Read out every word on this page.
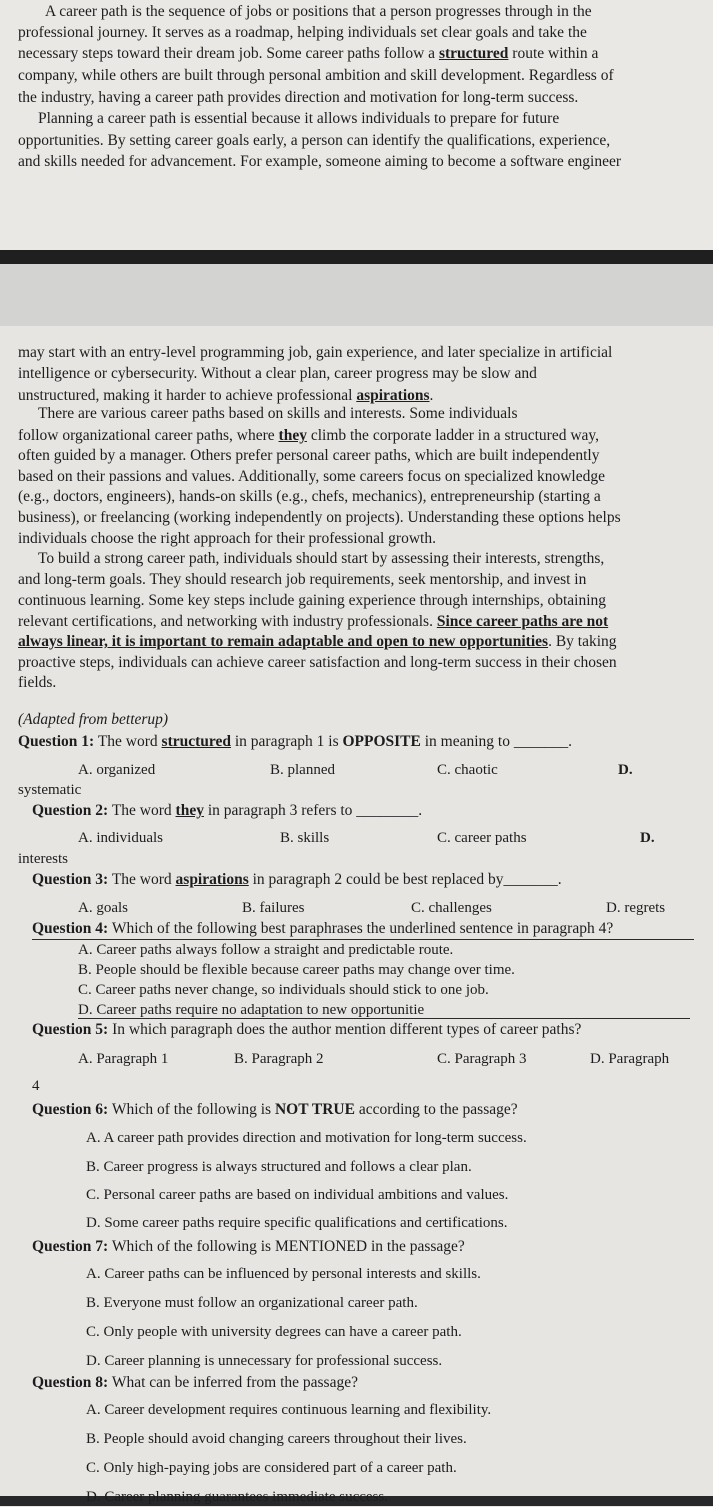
A career path is the sequence of jobs or positions that a person progresses through in the
professional journey. It serves as a roadmap, helping individuals set clear goals and take the
necessary steps toward their dream job. Some career paths follow a structured route within a
company, while others are built through personal ambition and skill development. Regardless of
the industry, having a career path provides direction and motivation for long-term success.
Planning a career path is essential because it allows individuals to prepare for future
opportunities. By setting career goals early, a person can identify the qualifications, experience,
and skills needed for advancement. For example, someone aiming to become a software engineer
may start with an entry-level programming job, gain experience, and later specialize in artificial
intelligence or cybersecurity. Without a clear plan, career progress may be slow and
unstructured, making it harder to achieve professional aspirations.
There are various career paths based on skills and interests. Some individuals
follow organizational career paths, where they climb the corporate ladder in a structured way,
often guided by a manager. Others prefer personal career paths, which are built independently
based on their passions and values. Additionally, some careers focus on specialized knowledge
(e.g., doctors, engineers), hands-on skills (e.g., chefs, mechanics), entrepreneurship (starting a
business), or freelancing (working independently on projects). Understanding these options helps
individuals choose the right approach for their professional growth.
To build a strong career path, individuals should start by assessing their interests, strengths,
and long-term goals. They should research job requirements, seek mentorship, and invest in
continuous learning. Some key steps include gaining experience through internships, obtaining
relevant certifications, and networking with industry professionals. Since career paths are not
always linear, it is important to remain adaptable and open to new opportunities. By taking
proactive steps, individuals can achieve career satisfaction and long-term success in their chosen
fields.
(Adapted from betterup)
Question 1: The word structured in paragraph 1 is OPPOSITE in meaning to _______.
A. organized	B. planned	C. chaotic	D.
systematic
Question 2: The word they in paragraph 3 refers to ________.
A. individuals	B. skills	C. career paths	D.
interests
Question 3: The word aspirations in paragraph 2 could be best replaced by_______.
A. goals	B. failures	C. challenges	D. regrets
Question 4: Which of the following best paraphrases the underlined sentence in paragraph 4?
A. Career paths always follow a straight and predictable route.
B. People should be flexible because career paths may change over time.
C. Career paths never change, so individuals should stick to one job.
D. Career paths require no adaptation to new opportunitie
Question 5: In which paragraph does the author mention different types of career paths?
A. Paragraph 1	B. Paragraph 2	C. Paragraph 3	D. Paragraph
4
Question 6: Which of the following is NOT TRUE according to the passage?
A. A career path provides direction and motivation for long-term success.
B. Career progress is always structured and follows a clear plan.
C. Personal career paths are based on individual ambitions and values.
D. Some career paths require specific qualifications and certifications.
Question 7: Which of the following is MENTIONED in the passage?
A. Career paths can be influenced by personal interests and skills.
B. Everyone must follow an organizational career path.
C. Only people with university degrees can have a career path.
D. Career planning is unnecessary for professional success.
Question 8: What can be inferred from the passage?
A. Career development requires continuous learning and flexibility.
B. People should avoid changing careers throughout their lives.
C. Only high-paying jobs are considered part of a career path.
D. Career planning guarantees immediate success.
